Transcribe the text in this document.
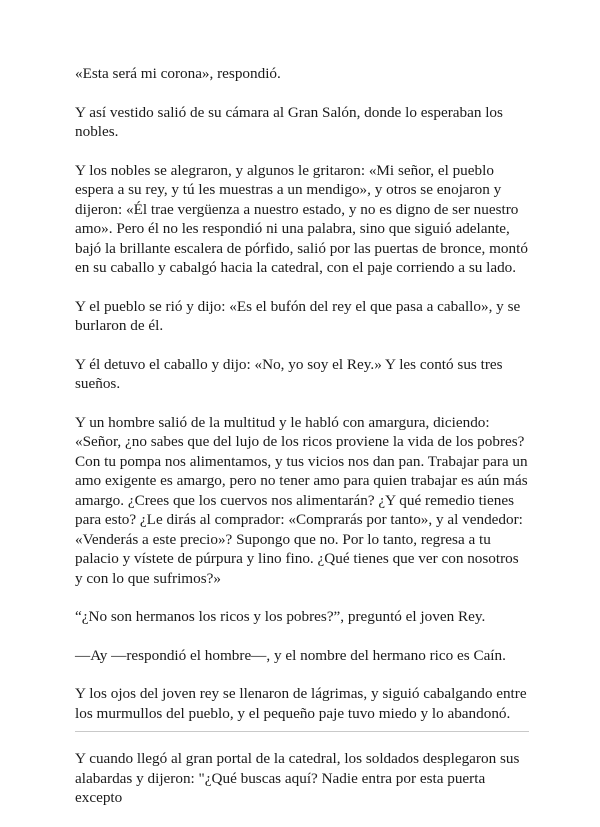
«Esta será mi corona», respondió.

Y así vestido salió de su cámara al Gran Salón, donde lo esperaban los nobles.

Y los nobles se alegraron, y algunos le gritaron: «Mi señor, el pueblo espera a su rey, y tú les muestras a un mendigo», y otros se enojaron y dijeron: «Él trae vergüenza a nuestro estado, y no es digno de ser nuestro amo». Pero él no les respondió ni una palabra, sino que siguió adelante, bajó la brillante escalera de pórfido, salió por las puertas de bronce, montó en su caballo y cabalgó hacia la catedral, con el paje corriendo a su lado.

Y el pueblo se rió y dijo: «Es el bufón del rey el que pasa a caballo», y se burlaron de él.

Y él detuvo el caballo y dijo: «No, yo soy el Rey.» Y les contó sus tres sueños.

Y un hombre salió de la multitud y le habló con amargura, diciendo: «Señor, ¿no sabes que del lujo de los ricos proviene la vida de los pobres? Con tu pompa nos alimentamos, y tus vicios nos dan pan. Trabajar para un amo exigente es amargo, pero no tener amo para quien trabajar es aún más amargo. ¿Crees que los cuervos nos alimentarán? ¿Y qué remedio tienes para esto? ¿Le dirás al comprador: «Comprarás por tanto», y al vendedor: «Venderás a este precio»? Supongo que no. Por lo tanto, regresa a tu palacio y vístete de púrpura y lino fino. ¿Qué tienes que ver con nosotros y con lo que sufrimos?»

“¿No son hermanos los ricos y los pobres?”, preguntó el joven Rey.

—Ay —respondió el hombre—, y el nombre del hermano rico es Caín.

Y los ojos del joven rey se llenaron de lágrimas, y siguió cabalgando entre los murmullos del pueblo, y el pequeño paje tuvo miedo y lo abandonó.

Y cuando llegó al gran portal de la catedral, los soldados desplegaron sus alabardas y dijeron: "¿Qué buscas aquí? Nadie entra por esta puerta excepto
